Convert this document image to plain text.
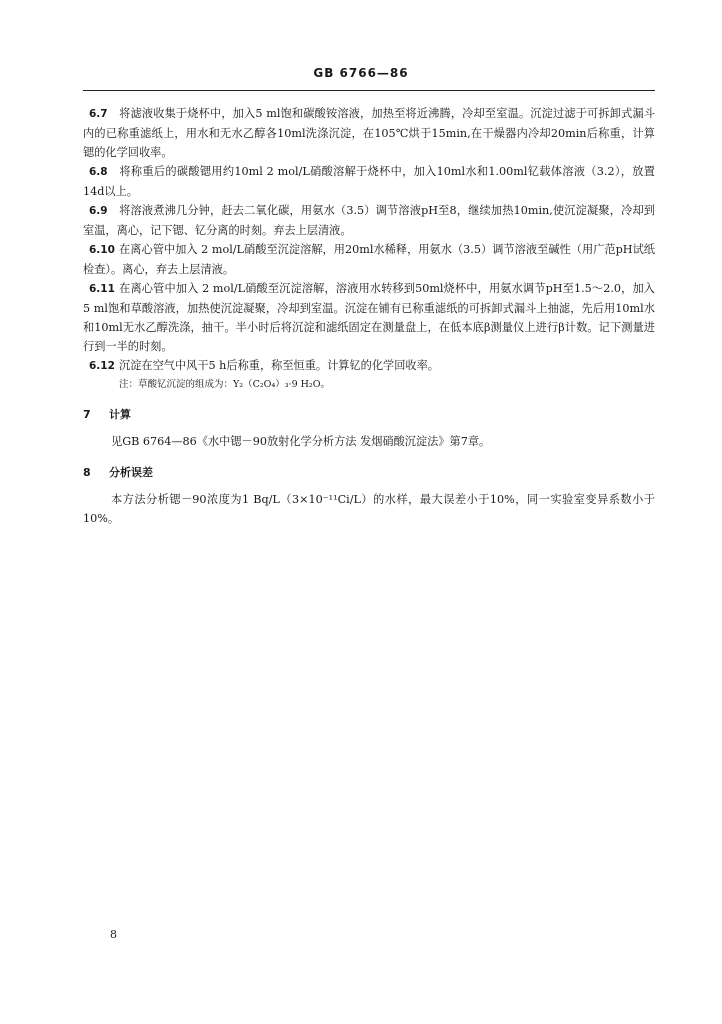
GB 6766—86

6.7 将滤液收集于烧杯中，加入5 ml饱和碳酸铵溶液，加热至将近沸腾，冷却至室温。沉淀过滤于可拆卸式漏斗内的已称重滤纸上，用水和无水乙醇各10ml洗涤沉淀，在105℃烘于15min,在干燥器内冷却20min后称重，计算锶的化学回收率。

6.8 将称重后的碳酸锶用约10ml 2 mol/L硝酸溶解于烧杯中，加入10ml水和1.00ml钇载体溶液（3.2），放置14d以上。

6.9 将溶液煮沸几分钟，赶去二氧化碳，用氨水（3.5）调节溶液pH至8，继续加热10min,使沉淀凝聚，冷却到室温，离心，记下锶、钇分离的时刻。弃去上层清液。

6.10 在离心管中加入 2 mol/L硝酸至沉淀溶解，用20ml水稀释，用氨水（3.5）调节溶液至碱性（用广范pH试纸检查）。离心，弃去上层清液。

6.11 在离心管中加入 2 mol/L硝酸至沉淀溶解，溶液用水转移到50ml烧杯中，用氨水调节pH至1.5～2.0，加入5 ml饱和草酸溶液，加热使沉淀凝聚，冷却到室温。沉淀在铺有已称重滤纸的可拆卸式漏斗上抽滤，先后用10ml水和10ml无水乙醇洗涤，抽干。半小时后将沉淀和滤纸固定在测量盘上，在低本底β测量仪上进行β计数。记下测量进行到一半的时刻。

6.12 沉淀在空气中风干5 h后称重，称至恒重。计算钇的化学回收率。

注：草酸钇沉淀的组成为：Y₂（C₂O₄）₃·9 H₂O。

7 计算

见GB 6764—86《水中锶－90放射化学分析方法 发烟硝酸沉淀法》第7章。

8 分析误差

本方法分析锶－90浓度为1 Bq/L（3×10⁻¹¹Ci/L）的水样，最大误差小于10%，同一实验室变异系数小于10%。

8
